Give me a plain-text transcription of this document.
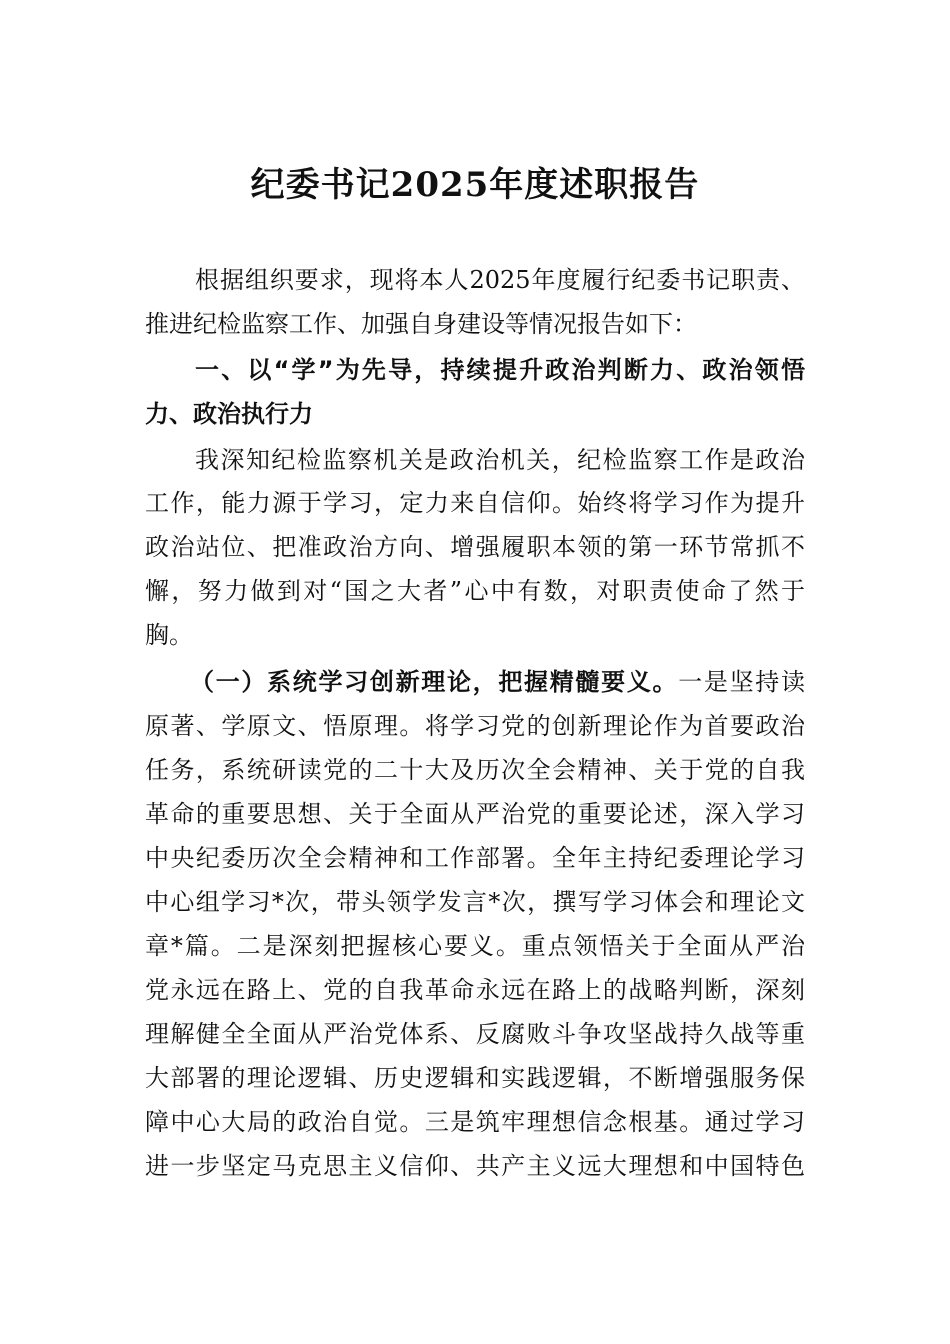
纪委书记2025年度述职报告
根据组织要求，现将本人2025年度履行纪委书记职责、
推进纪检监察工作、加强自身建设等情况报告如下：
一、以“学”为先导，持续提升政治判断力、政治领悟
力、政治执行力
我深知纪检监察机关是政治机关，纪检监察工作是政治
工作，能力源于学习，定力来自信仰。始终将学习作为提升
政治站位、把准政治方向、增强履职本领的第一环节常抓不
懈，努力做到对“国之大者”心中有数，对职责使命了然于
胸。
（一）系统学习创新理论，把握精髓要义。一是坚持读
原著、学原文、悟原理。将学习党的创新理论作为首要政治
任务，系统研读党的二十大及历次全会精神、关于党的自我
革命的重要思想、关于全面从严治党的重要论述，深入学习
中央纪委历次全会精神和工作部署。全年主持纪委理论学习
中心组学习*次，带头领学发言*次，撰写学习体会和理论文
章*篇。二是深刻把握核心要义。重点领悟关于全面从严治
党永远在路上、党的自我革命永远在路上的战略判断，深刻
理解健全全面从严治党体系、反腐败斗争攻坚战持久战等重
大部署的理论逻辑、历史逻辑和实践逻辑，不断增强服务保
障中心大局的政治自觉。三是筑牢理想信念根基。通过学习
进一步坚定马克思主义信仰、共产主义远大理想和中国特色
